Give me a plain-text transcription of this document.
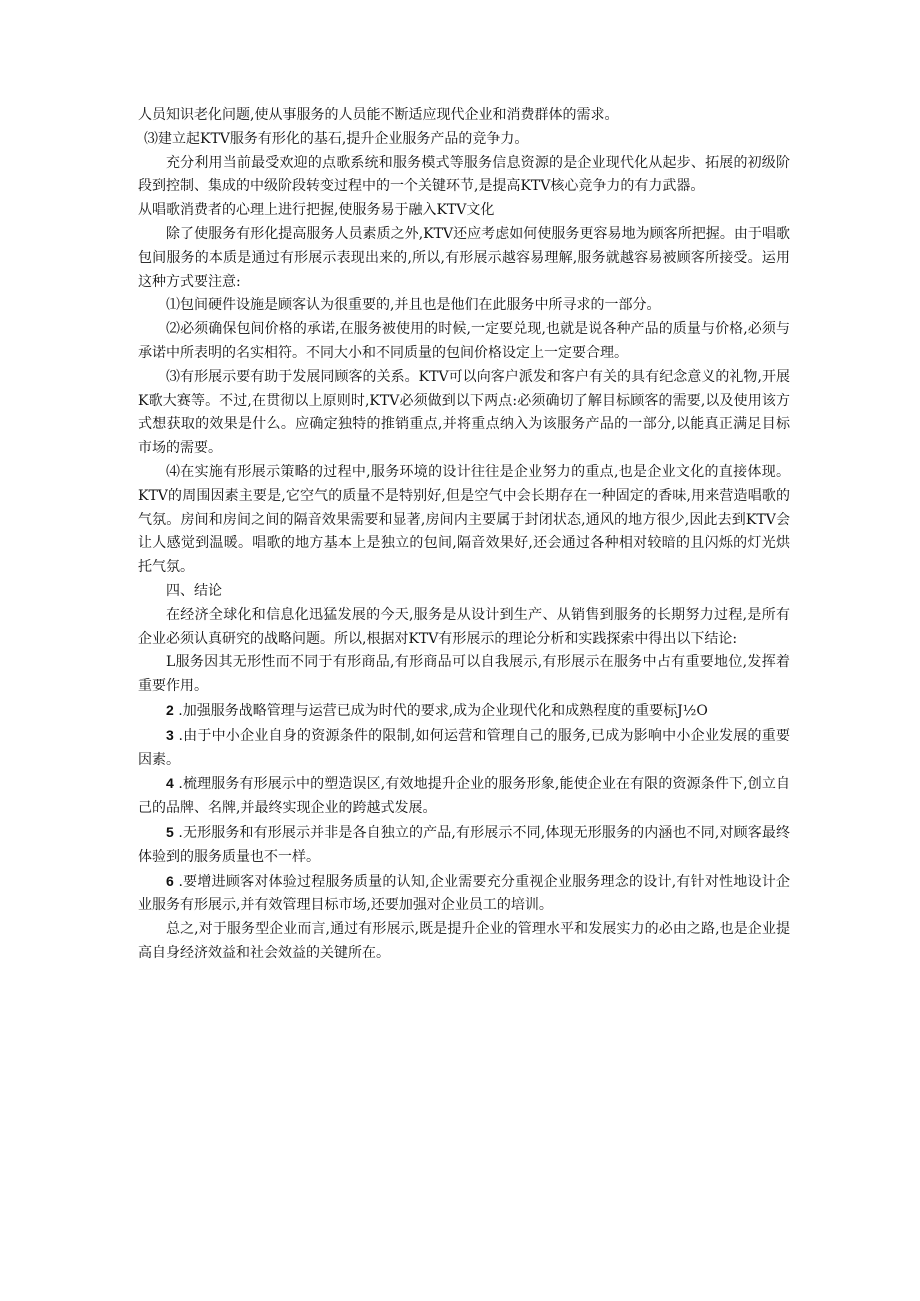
人员知识老化问题,使从事服务的人员能不断适应现代企业和消费群体的需求。

⑶建立起KTV服务有形化的基石,提升企业服务产品的竞争力。

充分利用当前最受欢迎的点歌系统和服务模式等服务信息资源的是企业现代化从起步、拓展的初级阶段到控制、集成的中级阶段转变过程中的一个关键环节,是提高KTV核心竞争力的有力武器。

从唱歌消费者的心理上进行把握,使服务易于融入KTV文化

除了使服务有形化提高服务人员素质之外,KTV还应考虑如何使服务更容易地为顾客所把握。由于唱歌包间服务的本质是通过有形展示表现出来的,所以,有形展示越容易理解,服务就越容易被顾客所接受。运用这种方式要注意:

⑴包间硬件设施是顾客认为很重要的,并且也是他们在此服务中所寻求的一部分。

⑵必须确保包间价格的承诺,在服务被使用的时候,一定要兑现,也就是说各种产品的质量与价格,必须与承诺中所表明的名实相符。不同大小和不同质量的包间价格设定上一定要合理。

⑶有形展示要有助于发展同顾客的关系。KTV可以向客户派发和客户有关的具有纪念意义的礼物,开展K歌大赛等。不过,在贯彻以上原则时,KTV必须做到以下两点:必须确切了解目标顾客的需要,以及使用该方式想获取的效果是什么。应确定独特的推销重点,并将重点纳入为该服务产品的一部分,以能真正满足目标市场的需要。

⑷在实施有形展示策略的过程中,服务环境的设计往往是企业努力的重点,也是企业文化的直接体现。KTV的周围因素主要是,它空气的质量不是特别好,但是空气中会长期存在一种固定的香味,用来营造唱歌的气氛。房间和房间之间的隔音效果需要和显著,房间内主要属于封闭状态,通风的地方很少,因此去到KTV会让人感觉到温暖。唱歌的地方基本上是独立的包间,隔音效果好,还会通过各种相对较暗的且闪烁的灯光烘托气氛。

四、结论

在经济全球化和信息化迅猛发展的今天,服务是从设计到生产、从销售到服务的长期努力过程,是所有企业必须认真研究的战略问题。所以,根据对KTV有形展示的理论分析和实践探索中得出以下结论:

L服务因其无形性而不同于有形商品,有形商品可以自我展示,有形展示在服务中占有重要地位,发挥着重要作用。

2 .加强服务战略管理与运营已成为时代的要求,成为企业现代化和成熟程度的重要标J½O

3 .由于中小企业自身的资源条件的限制,如何运营和管理自己的服务,已成为影响中小企业发展的重要因素。

4 .梳理服务有形展示中的塑造误区,有效地提升企业的服务形象,能使企业在有限的资源条件下,创立自己的品牌、名牌,并最终实现企业的跨越式发展。

5 .无形服务和有形展示并非是各自独立的产品,有形展示不同,体现无形服务的内涵也不同,对顾客最终体验到的服务质量也不一样。

6 .要增进顾客对体验过程服务质量的认知,企业需要充分重视企业服务理念的设计,有针对性地设计企业服务有形展示,并有效管理目标市场,还要加强对企业员工的培训。

总之,对于服务型企业而言,通过有形展示,既是提升企业的管理水平和发展实力的必由之路,也是企业提高自身经济效益和社会效益的关键所在。
